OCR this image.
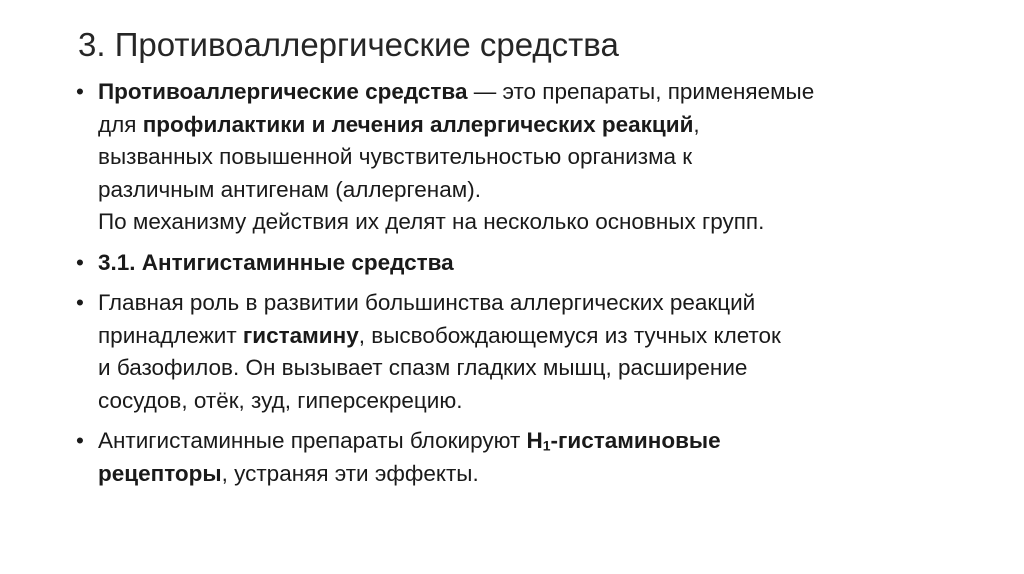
3. Противоаллергические средства
• Противоаллергические средства — это препараты, применяемые
для профилактики и лечения аллергических реакций,
вызванных повышенной чувствительностью организма к
различным антигенам (аллергенам).
По механизму действия их делят на несколько основных групп.
• 3.1. Антигистаминные средства
• Главная роль в развитии большинства аллергических реакций
принадлежит гистамину, высвобождающемуся из тучных клеток
и базофилов. Он вызывает спазм гладких мышц, расширение
сосудов, отёк, зуд, гиперсекрецию.
• Антигистаминные препараты блокируют $H_1$-гистаминовые
рецепторы, устраняя эти эффекты.
